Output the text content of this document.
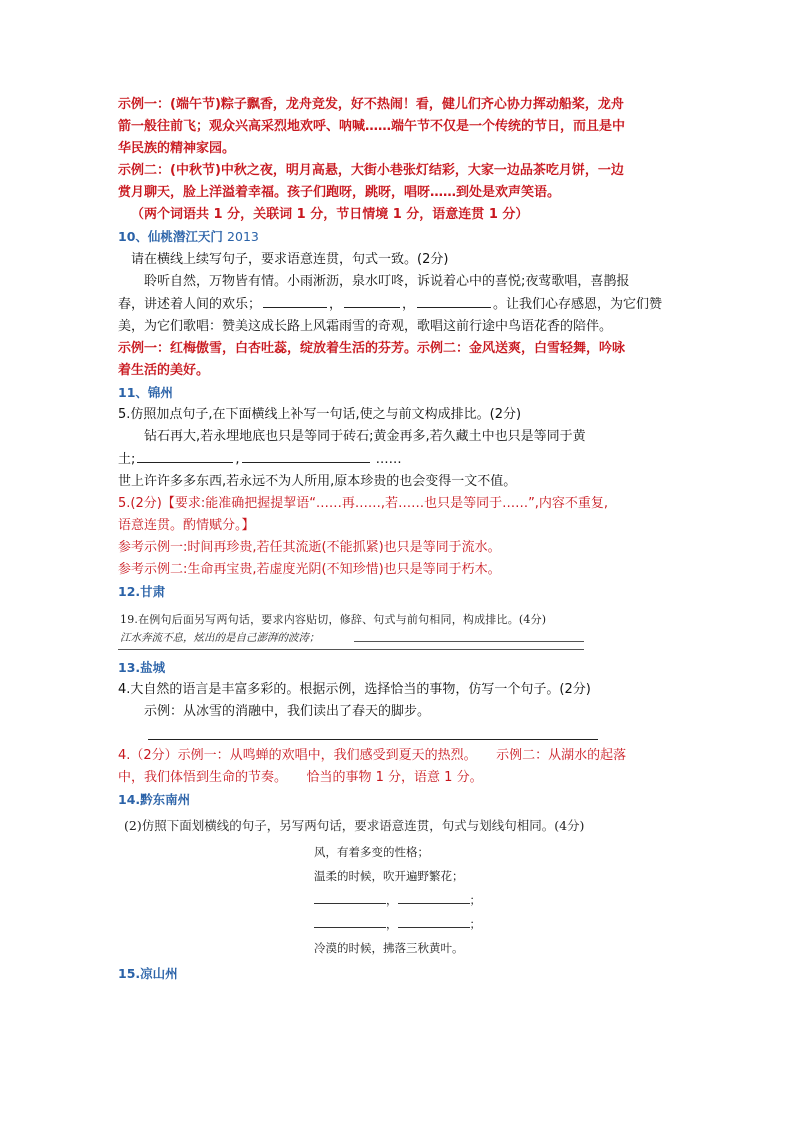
示例一：(端午节)粽子飘香，龙舟竞发，好不热闹！看，健儿们齐心协力挥动船桨，龙舟

箭一般往前飞；观众兴高采烈地欢呼、呐喊……端午节不仅是一个传统的节日，而且是中

华民族的精神家园。

示例二：(中秋节)中秋之夜，明月高悬，大街小巷张灯结彩，大家一边品茶吃月饼，一边

赏月聊天，脸上洋溢着幸福。孩子们跑呀，跳呀，唱呀……到处是欢声笑语。

（两个词语共 1 分，关联词 1 分，节日情境 1 分，语意连贯 1 分）

10、仙桃潜江天门 2013

请在横线上续写句子，要求语意连贯，句式一致。(2分)

聆听自然，万物皆有情。小雨淅沥，泉水叮咚，诉说着心中的喜悦;夜莺歌唱，喜鹊报

春，讲述着人间的欢乐；	，	，	。让我们心存感恩，为它们赞

美，为它们歌唱：赞美这成长路上风霜雨雪的奇观，歌唱这前行途中鸟语花香的陪伴。

示例一：红梅傲雪，白杏吐蕊，绽放着生活的芬芳。示例二：金风送爽，白雪轻舞，吟咏

着生活的美好。

11、锦州

5.仿照加点句子,在下面横线上补写一句话,使之与前文构成排比。(2分)

钻石再大,若永埋地底也只是等同于砖石;黄金再多,若久藏土中也只是等同于黄

土;	,	……

世上许许多多东西,若永远不为人所用,原本珍贵的也会变得一文不值。

5.(2分)【要求:能准确把握提挈语“……再……,若……也只是等同于……”,内容不重复,

语意连贯。酌情赋分。】

参考示例一:时间再珍贵,若任其流逝(不能抓紧)也只是等同于流水。

参考示例二:生命再宝贵,若虚度光阴(不知珍惜)也只是等同于朽木。

12.甘肃

19.在例句后面另写两句话，要求内容贴切，修辞、句式与前句相同，构成排比。(4分)
江水奔流不息，炫出的是自己澎湃的波涛；

13.盐城

4.大自然的语言是丰富多彩的。根据示例，选择恰当的事物，仿写一个句子。(2分)

示例：从冰雪的消融中，我们读出了春天的脚步。

4.（2分）示例一：从鸣蝉的欢唱中，我们感受到夏天的热烈。　　示例二：从湖水的起落

中，我们体悟到生命的节奏。　　恰当的事物 1 分，语意 1 分。

14.黔东南州

(2)仿照下面划横线的句子，另写两句话，要求语意连贯，句式与划线句相同。(4分)
风，有着多变的性格；
温柔的时候，吹开遍野繁花；
，	；
，	；
冷漠的时候，拂落三秋黄叶。

15.凉山州
